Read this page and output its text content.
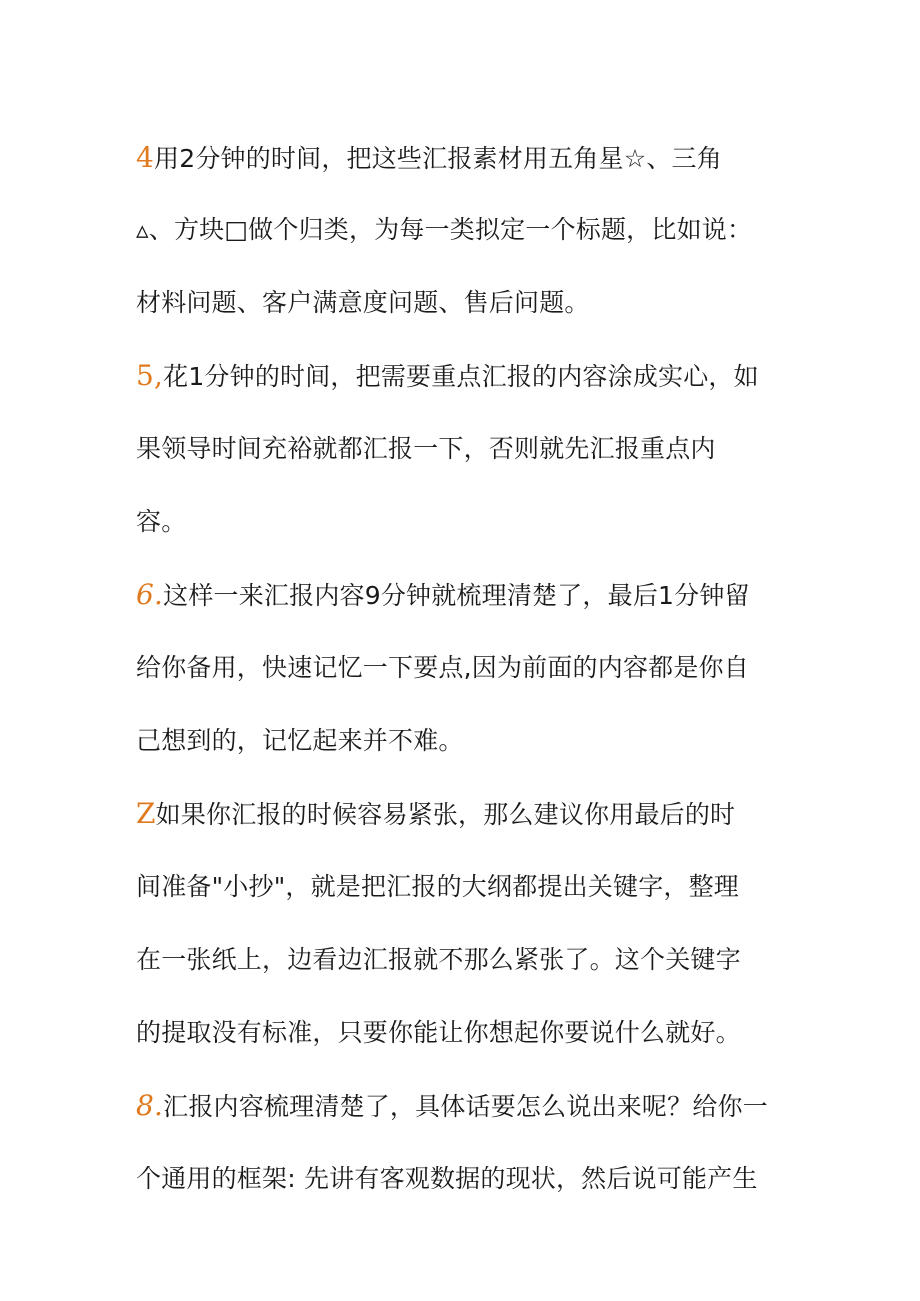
4用2分钟的时间，把这些汇报素材用五角星☆、三角
▵、方块□做个归类，为每一类拟定一个标题，比如说：
材料问题、客户满意度问题、售后问题。
5,花1分钟的时间，把需要重点汇报的内容涂成实心，如
果领导时间充裕就都汇报一下，否则就先汇报重点内
容。
6.这样一来汇报内容9分钟就梳理清楚了，最后1分钟留
给你备用，快速记忆一下要点,因为前面的内容都是你自
己想到的，记忆起来并不难。
Z如果你汇报的时候容易紧张，那么建议你用最后的时
间准备"小抄"，就是把汇报的大纲都提出关键字，整理
在一张纸上，边看边汇报就不那么紧张了。这个关键字
的提取没有标准，只要你能让你想起你要说什么就好。
8.汇报内容梳理清楚了，具体话要怎么说出来呢？给你一
个通用的框架: 先讲有客观数据的现状，然后说可能产生
